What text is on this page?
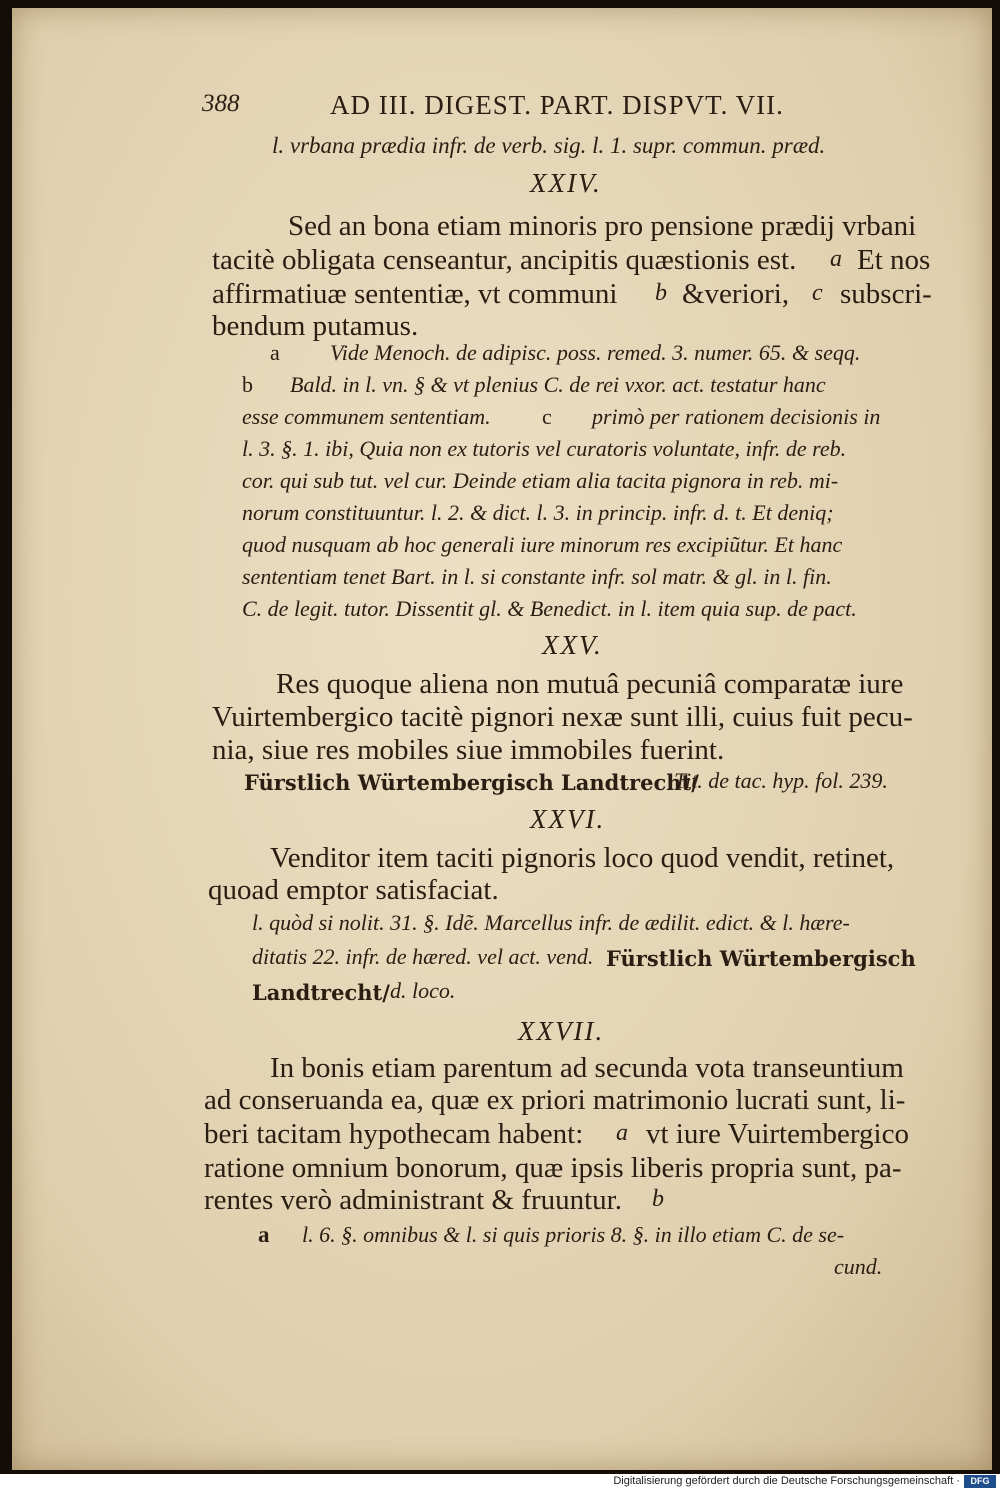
388	AD III. DIGEST. PART. DISPVT. VII.
l. vrbana prædia infr. de verb. sig. l. 1. supr. commun. præd.
XXIV.
Sed an bona etiam minoris pro pensione prædij vrbani
tacitè obligata censeantur, ancipitis quæstionis est. a Et nos
affirmatiuæ sententiæ, vt communi b &veriori, c subscri-
bendum putamus.
a Vide Menoch. de adipisc. poss. remed. 3. numer. 65. & seqq.
b Bald. in l. vn. § & vt plenius C. de rei vxor. act. testatur hanc
esse communem sententiam. c primò per rationem decisionis in
l. 3. §. 1. ibi, Quia non ex tutoris vel curatoris voluntate, infr. de reb.
cor. qui sub tut. vel cur. Deinde etiam alia tacita pignora in reb. mi-
norum constituuntur. l. 2. & dict. l. 3. in princip. infr. d. t. Et deniq;
quod nusquam ab hoc generali iure minorum res excipiũtur. Et hanc
sententiam tenet Bart. in l. si constante infr. sol matr. & gl. in l. fin.
C. de legit. tutor. Dissentit gl. & Benedict. in l. item quia sup. de pact.
XXV.
Res quoque aliena non mutuâ pecuniâ comparatæ iure
Vuirtembergico tacitè pignori nexæ sunt illi, cuius fuit pecu-
nia, siue res mobiles siue immobiles fuerint.
Fürstlich Würtembergisch Landtrecht/
Tit. de tac. hyp. fol. 239.
XXVI.
Venditor item taciti pignoris loco quod vendit, retinet,
quoad emptor satisfaciat.
l. quòd si nolit. 31. §. Idẽ. Marcellus infr. de ædilit. edict. & l. hære-
ditatis 22. infr. de hæred. vel act. vend. Fürstlich Würtembergisch
Landtrecht/ d. loco.
XXVII.
In bonis etiam parentum ad secunda vota transeuntium
ad conseruanda ea, quæ ex priori matrimonio lucrati sunt, li-
beri tacitam hypothecam habent: a vt iure Vuirtembergico
ratione omnium bonorum, quæ ipsis liberis propria sunt, pa-
rentes verò administrant & fruuntur. b
a l. 6. §. omnibus & l. si quis prioris 8. §. in illo etiam C. de se-
cund.
Digitalisierung gefördert durch die Deutsche Forschungsgemeinschaft ·	DFG
